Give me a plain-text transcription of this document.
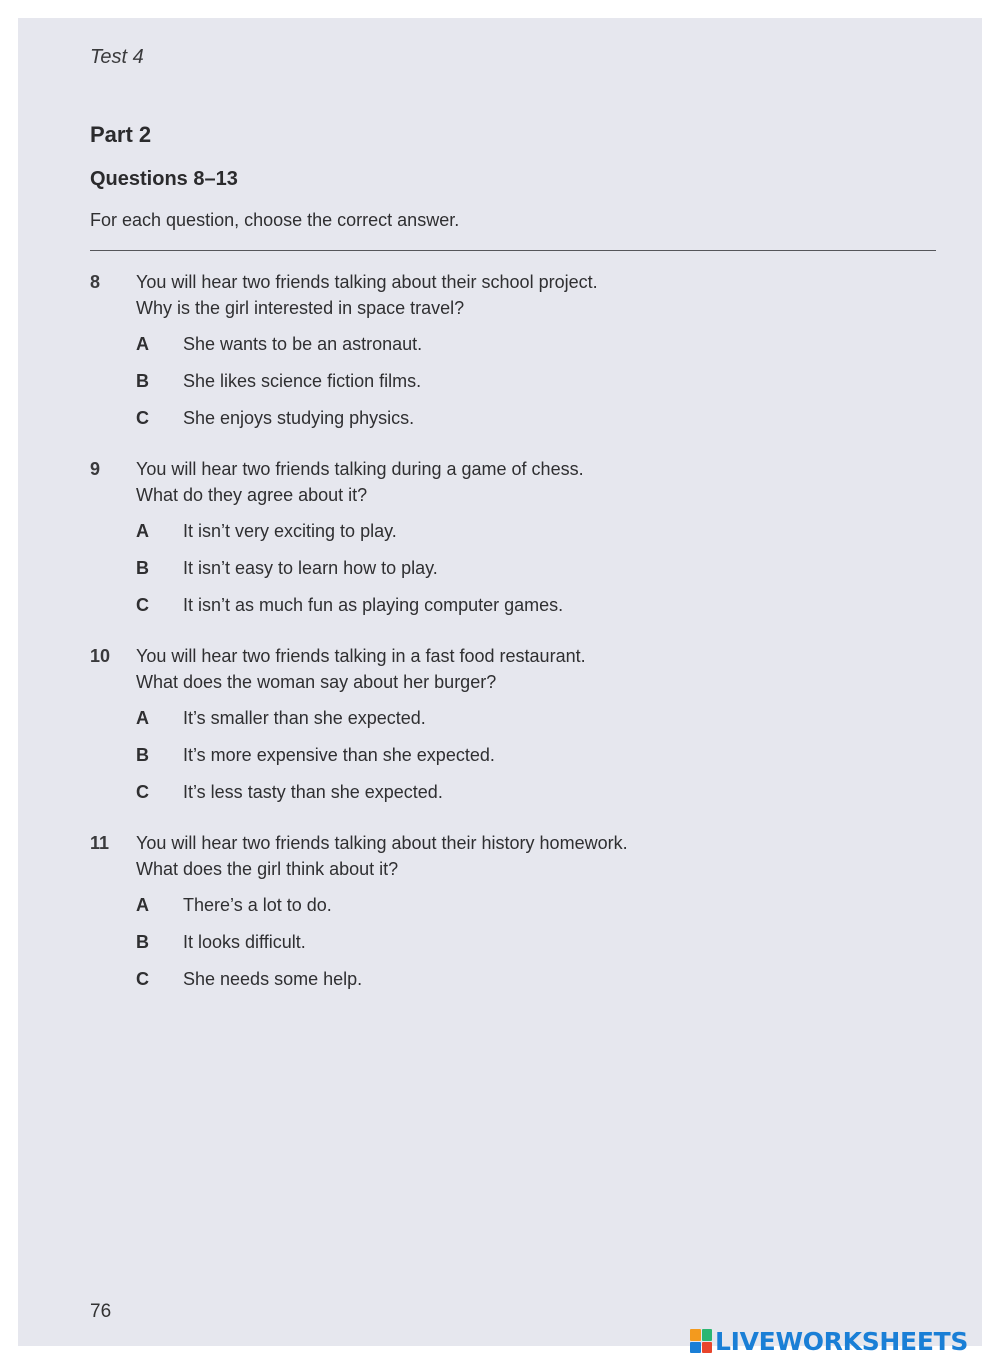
Test 4
Part 2
Questions 8–13
For each question, choose the correct answer.
8 You will hear two friends talking about their school project.
Why is the girl interested in space travel?
A She wants to be an astronaut.
B She likes science fiction films.
C She enjoys studying physics.
9 You will hear two friends talking during a game of chess.
What do they agree about it?
A It isn’t very exciting to play.
B It isn’t easy to learn how to play.
C It isn’t as much fun as playing computer games.
10 You will hear two friends talking in a fast food restaurant.
What does the woman say about her burger?
A It’s smaller than she expected.
B It’s more expensive than she expected.
C It’s less tasty than she expected.
11 You will hear two friends talking about their history homework.
What does the girl think about it?
A There’s a lot to do.
B It looks difficult.
C She needs some help.
76
LIVEWORKSHEETS
